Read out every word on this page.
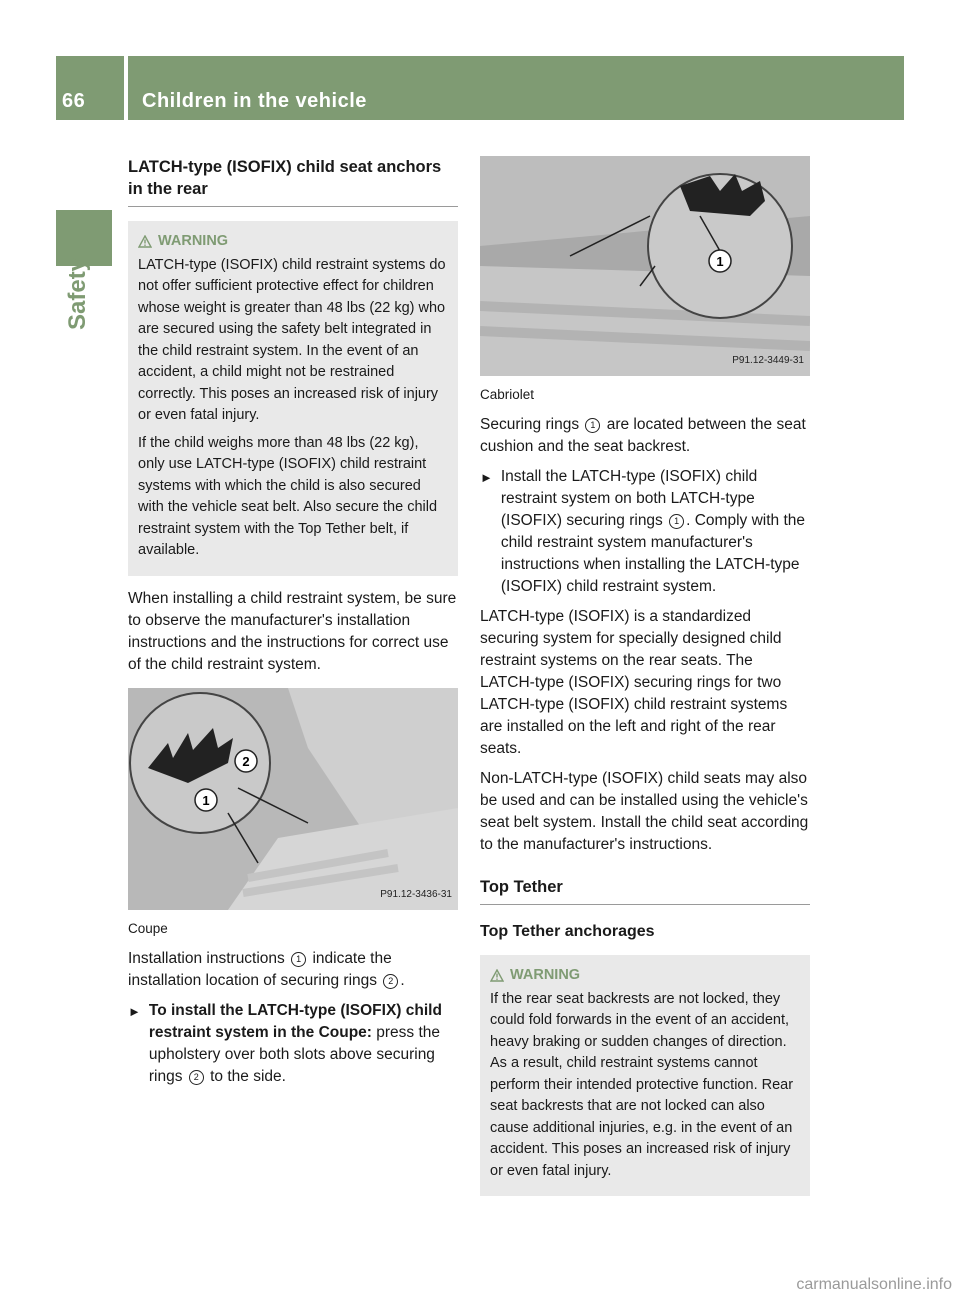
66	Children in the vehicle
Safety
LATCH-type (ISOFIX) child seat anchors in the rear
WARNING

LATCH-type (ISOFIX) child restraint systems do not offer sufficient protective effect for children whose weight is greater than 48 lbs (22 kg) who are secured using the safety belt integrated in the child restraint system. In the event of an accident, a child might not be restrained correctly. This poses an increased risk of injury or even fatal injury.

If the child weighs more than 48 lbs (22 kg), only use LATCH-type (ISOFIX) child restraint systems with which the child is also secured with the vehicle seat belt. Also secure the child restraint system with the Top Tether belt, if available.

When installing a child restraint system, be sure to observe the manufacturer's installation instructions and the instructions for correct use of the child restraint system.

2
1
P91.12-3436-31

Coupe

Installation instructions 1 indicate the installation location of securing rings 2 .

► To install the LATCH-type (ISOFIX) child restraint system in the Coupe: press the upholstery over both slots above securing rings 2 to the side.
1
P91.12-3449-31

Cabriolet

Securing rings 1 are located between the seat cushion and the seat backrest.

► Install the LATCH-type (ISOFIX) child restraint system on both LATCH-type (ISOFIX) securing rings 1 . Comply with the child restraint system manufacturer's instructions when installing the LATCH-type (ISOFIX) child restraint system.

LATCH-type (ISOFIX) is a standardized securing system for specially designed child restraint systems on the rear seats. The LATCH-type (ISOFIX) securing rings for two LATCH-type (ISOFIX) child restraint systems are installed on the left and right of the rear seats.

Non-LATCH-type (ISOFIX) child seats may also be used and can be installed using the vehicle's seat belt system. Install the child seat according to the manufacturer's instructions.

Top Tether
Top Tether anchorages
WARNING

If the rear seat backrests are not locked, they could fold forwards in the event of an accident, heavy braking or sudden changes of direction. As a result, child restraint systems cannot perform their intended protective function. Rear seat backrests that are not locked can also cause additional injuries, e.g. in the event of an accident. This poses an increased risk of injury or even fatal injury.

carmanualsonline.info
